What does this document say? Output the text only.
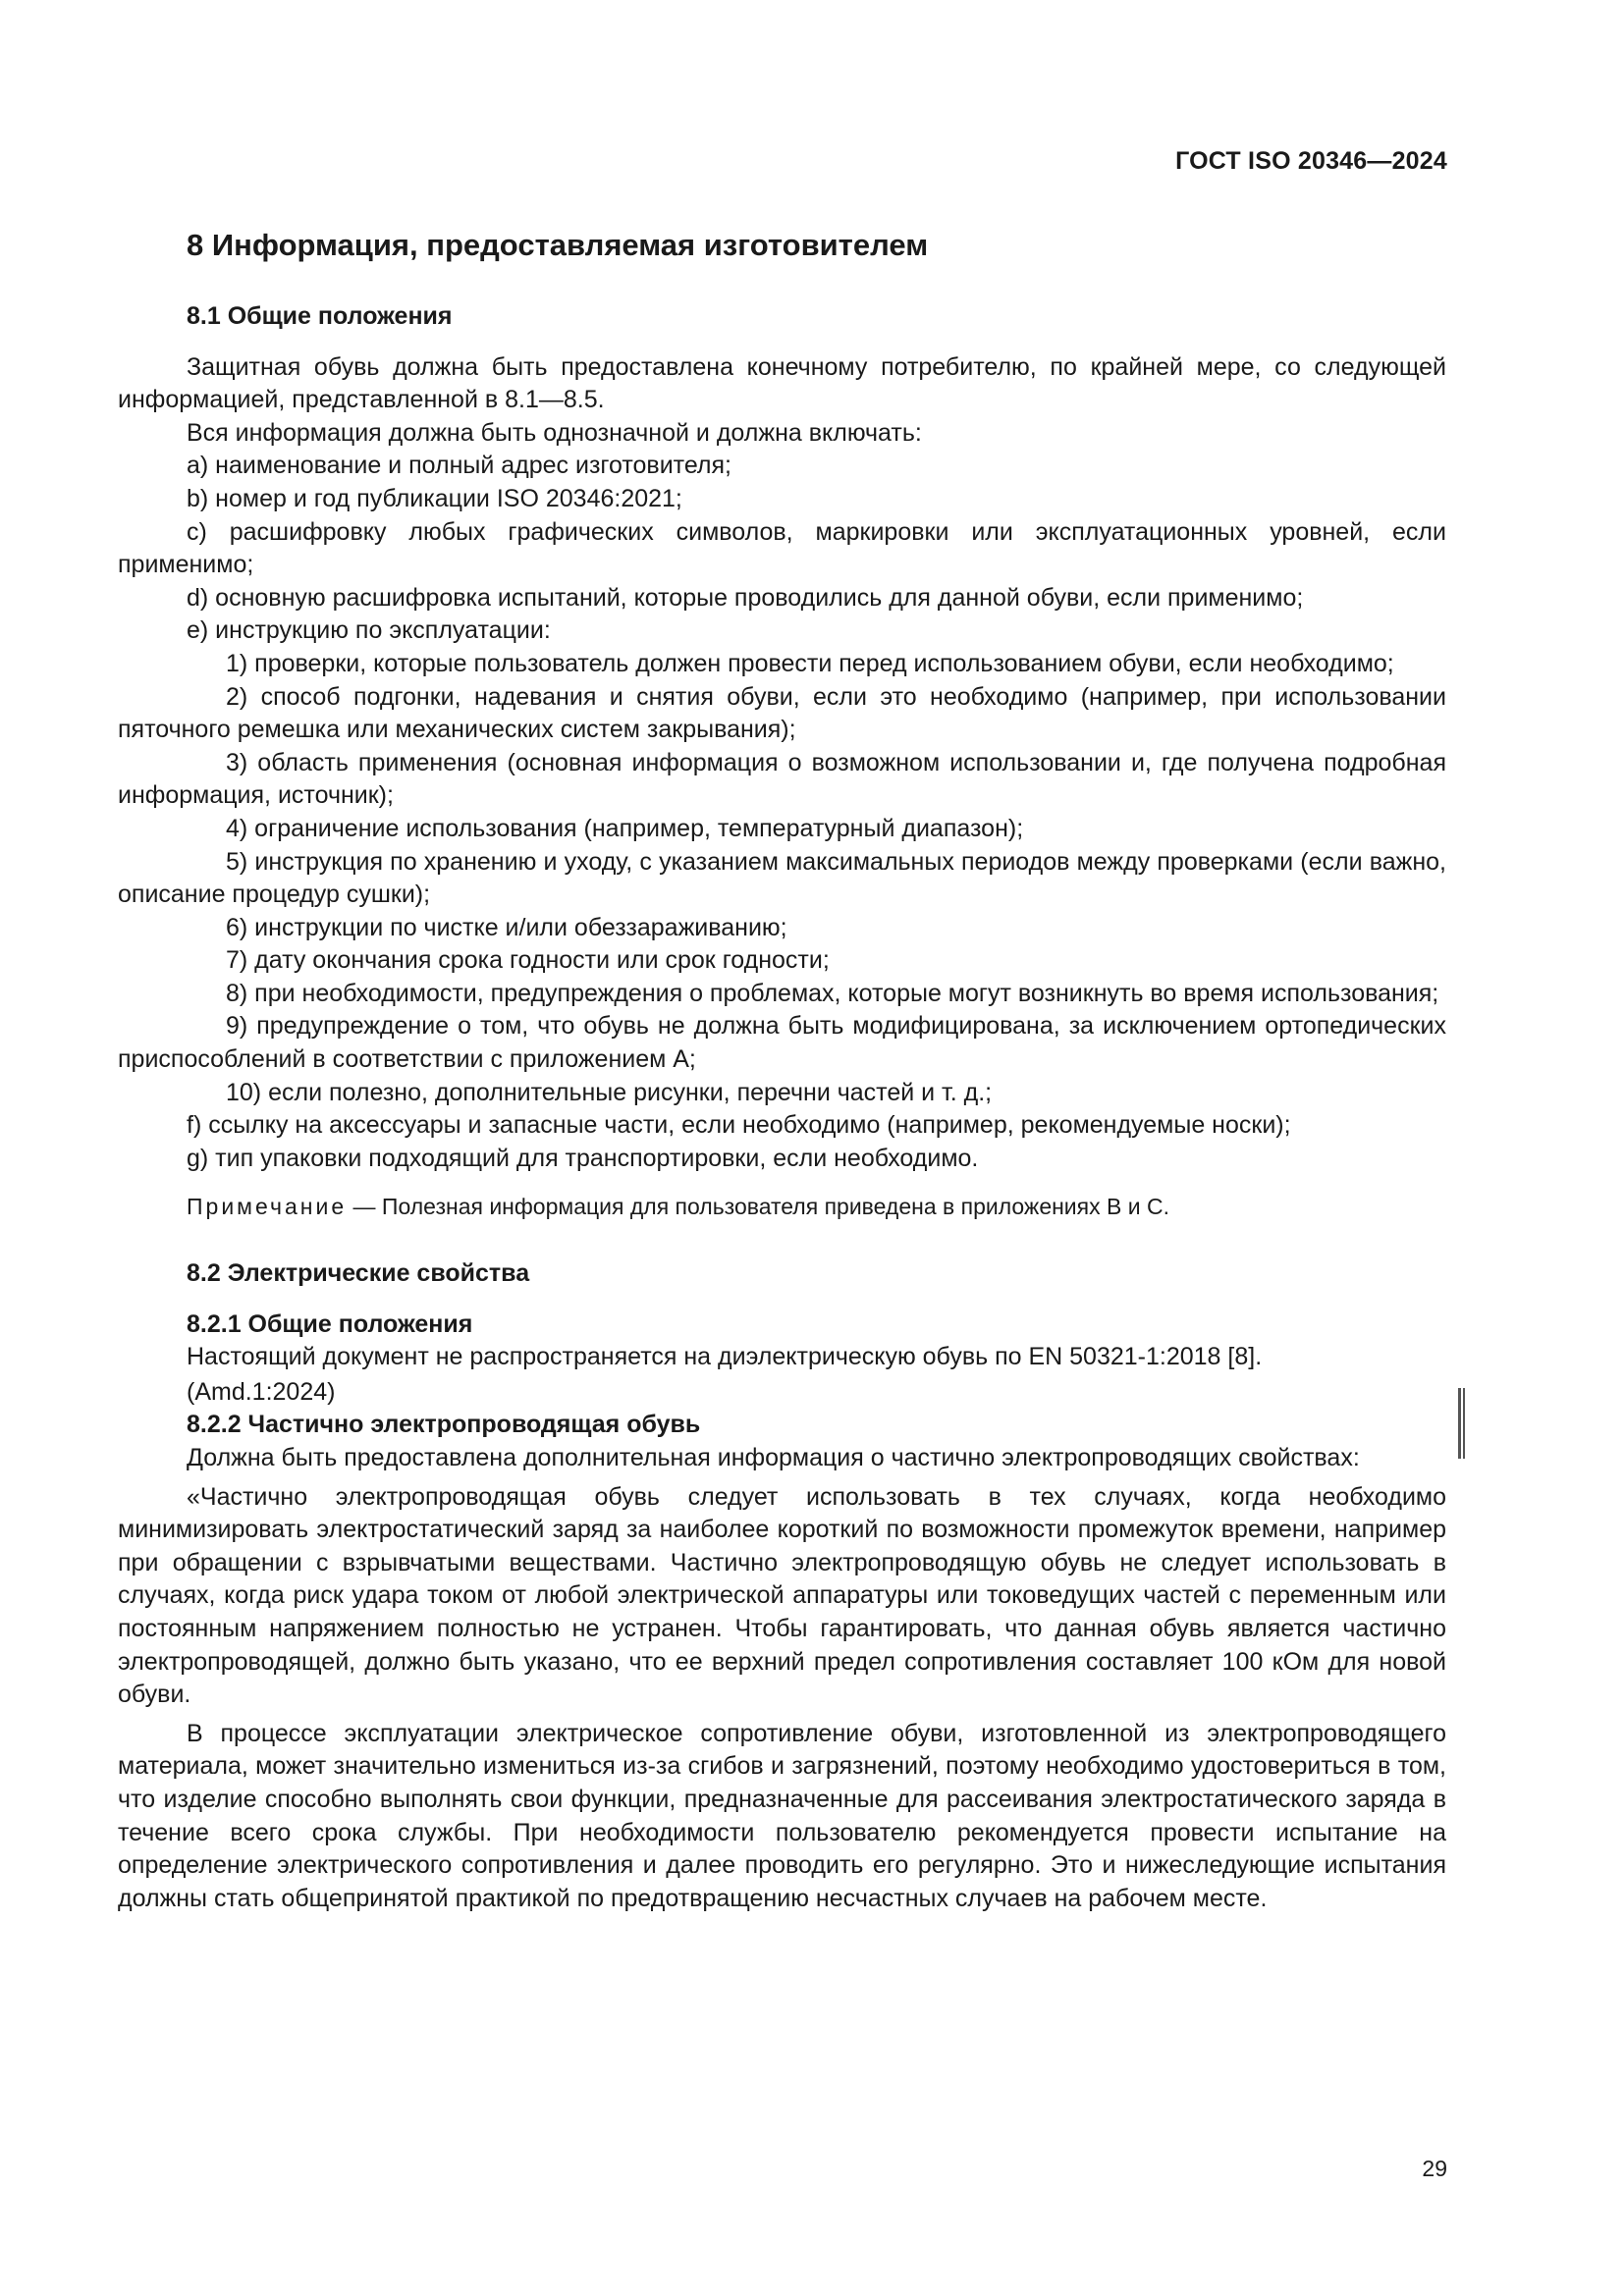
ГОСТ ISO 20346—2024

8 Информация, предоставляемая изготовителем

8.1 Общие положения

Защитная обувь должна быть предоставлена конечному потребителю, по крайней мере, со следующей информацией, представленной в 8.1—8.5.

Вся информация должна быть однозначной и должна включать:

a) наименование и полный адрес изготовителя;

b) номер и год публикации ISO 20346:2021;

c) расшифровку любых графических символов, маркировки или эксплуатационных уровней, если применимо;

d) основную расшифровка испытаний, которые проводились для данной обуви, если применимо;

e) инструкцию по эксплуатации:

1) проверки, которые пользователь должен провести перед использованием обуви, если необходимо;

2) способ подгонки, надевания и снятия обуви, если это необходимо (например, при использовании пяточного ремешка или механических систем закрывания);

3) область применения (основная информация о возможном использовании и, где получена подробная информация, источник);

4) ограничение использования (например, температурный диапазон);

5) инструкция по хранению и уходу, с указанием максимальных периодов между проверками (если важно, описание процедур сушки);

6) инструкции по чистке и/или обеззараживанию;

7) дату окончания срока годности или срок годности;

8) при необходимости, предупреждения о проблемах, которые могут возникнуть во время использования;

9) предупреждение о том, что обувь не должна быть модифицирована, за исключением ортопедических приспособлений в соответствии с приложением А;

10) если полезно, дополнительные рисунки, перечни частей и т. д.;

f) ссылку на аксессуары и запасные части, если необходимо (например, рекомендуемые носки);

g) тип упаковки подходящий для транспортировки, если необходимо.

Примечание — Полезная информация для пользователя приведена в приложениях В и С.

8.2 Электрические свойства

8.2.1 Общие положения

Настоящий документ не распространяется на диэлектрическую обувь по EN 50321-1:2018 [8].

(Amd.1:2024)

8.2.2 Частично электропроводящая обувь

Должна быть предоставлена дополнительная информация о частично электропроводящих свойствах:

«Частично электропроводящая обувь следует использовать в тех случаях, когда необходимо минимизировать электростатический заряд за наиболее короткий по возможности промежуток времени, например при обращении с взрывчатыми веществами. Частично электропроводящую обувь не следует использовать в случаях, когда риск удара током от любой электрической аппаратуры или токоведущих частей с переменным или постоянным напряжением полностью не устранен. Чтобы гарантировать, что данная обувь является частично электропроводящей, должно быть указано, что ее верхний предел сопротивления составляет 100 кОм для новой обуви.

В процессе эксплуатации электрическое сопротивление обуви, изготовленной из электропроводящего материала, может значительно измениться из-за сгибов и загрязнений, поэтому необходимо удостовериться в том, что изделие способно выполнять свои функции, предназначенные для рассеивания электростатического заряда в течение всего срока службы. При необходимости пользователю рекомендуется провести испытание на определение электрического сопротивления и далее проводить его регулярно. Это и нижеследующие испытания должны стать общепринятой практикой по предотвращению несчастных случаев на рабочем месте.

29
